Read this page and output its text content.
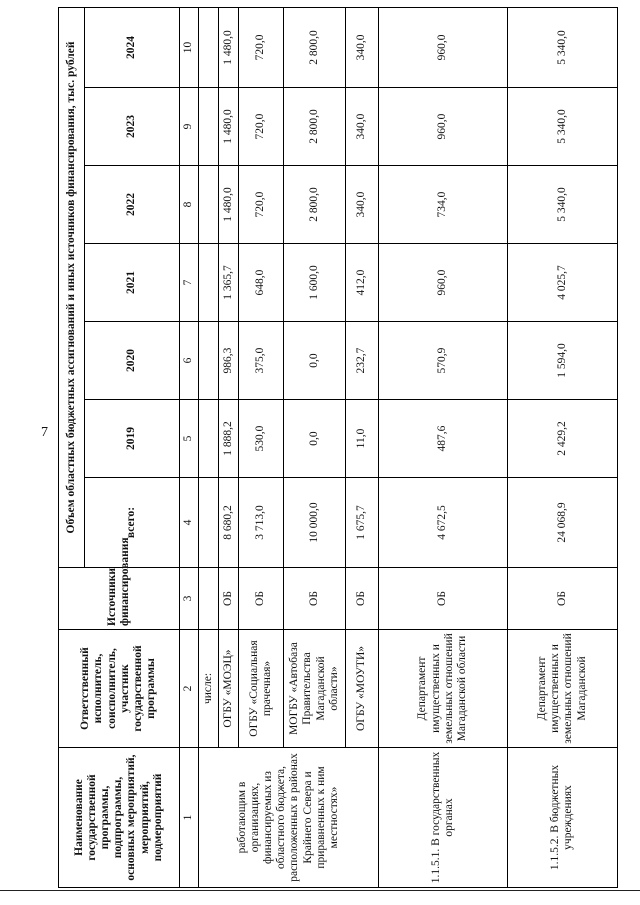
7
Наименование государственной программы, подпрограммы, основных мероприятий, мероприятий, подмероприятий	Ответственный исполнитель, соисполнитель, участник государственной программы	Источники финансирования	Объем областных бюджетных ассигнований и иных источников финансирования, тыс. рублей						
			всего:	2019	2020	2021	2022	2023	2024
1	2	3	4	5	6	7	8	9	10
работающим в организациях, финансируемых из областного бюджета, расположенных в районах Крайнего Севера и приравненных к ним местностях»	числе:								
	ОГБУ «МОЭЦ»	ОБ	8 680,2	1 888,2	986,3	1 365,7	1 480,0	1 480,0	1 480,0
	ОГБУ «Социальная прачечная»	ОБ	3 713,0	530,0	375,0	648,0	720,0	720,0	720,0
	МОГБУ «Автобаза Правительства Магаданской области»	ОБ	10 000,0	0,0	0,0	1 600,0	2 800,0	2 800,0	2 800,0
	ОГБУ «МОУТИ»	ОБ	1 675,7	11,0	232,7	412,0	340,0	340,0	340,0
1.1.5.1. В государственных органах	Департамент имущественных и земельных отношений Магаданской области	ОБ	4 672,5	487,6	570,9	960,0	734,0	960,0	960,0
1.1.5.2. В бюджетных учреждениях	Департамент имущественных и земельных отношений Магаданской	ОБ	24 068,9	2 429,2	1 594,0	4 025,7	5 340,0	5 340,0	5 340,0
